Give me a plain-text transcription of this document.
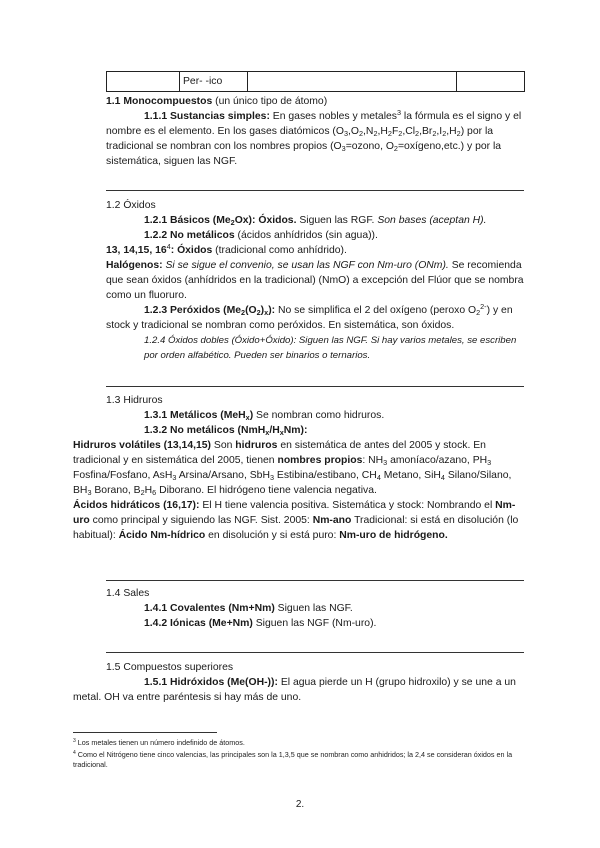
Per- -ico
1.1 Monocompuestos (un único tipo de átomo)
1.1.1 Sustancias simples: En gases nobles y metales$^3$ la fórmula es el signo y el nombre es el elemento. En los gases diatómicos $(O_3,O_2,N_2,H_2F_2,Cl_2,Br_2,I_2,H_2)$ por la tradicional se nombran con los nombres propios ($O_3=ozono$, $O_2=oxígeno,etc$.) y por la sistemática, siguen las NGF.
1.2 Óxidos
1.2.1 Básicos $(Me_2Ox)$: Óxidos. Siguen las RGF. Son bases (aceptan H).
1.2.2 No metálicos (ácidos anhídridos (sin agua)).
13, 14,15, $16^4$: Óxidos (tradicional como anhídrido).
Halógenos: Si se sigue el convenio, se usan las NGF con Nm-uro (ONm). Se recomienda que sean óxidos (anhídridos en la tradicional) (NmO) a excepción del Flúor que se nombra como un fluoruro.
1.2.3 Peróxidos $(Me_2(O_2)_x)$: No se simplifica el 2 del oxígeno (peroxo $O_2^{2-}$) y en stock y tradicional se nombran como peróxidos. En sistemática, son óxidos.
1.2.4 Óxidos dobles (Óxido+Óxido): Siguen las NGF. Si hay varios metales, se escriben por orden alfabético. Pueden ser binarios o ternarios.
1.3 Hidruros
1.3.1 Metálicos (MeH$_x$) Se nombran como hidruros.
1.3.2 No metálicos $(NmH_x/H_xNm)$:
Hidruros volátiles (13,14,15) Son hidruros en sistemática de antes del 2005 y stock. En tradicional y en sistemática del 2005, tienen nombres propios: $NH_3$ amoníaco/azano, $PH_3$ Fosfina/Fosfano, AsH$_3$ Arsina/Arsano, SbH$_3$ Estibina/estibano, $CH_4$ Metano, SiH$_4$ Silano/Silano, $BH_3$ Borano, $B_2H_6$ Diborano. El hidrógeno tiene valencia negativa.
Ácidos hidráticos (16,17): El H tiene valencia positiva. Sistemática y stock: Nombrando el Nm-uro como principal y siguiendo las NGF. Sist. 2005: Nm-ano Tradicional: si está en disolución (lo habitual): Ácido Nm-hídrico en disolución y si está puro: Nm-uro de hidrógeno.
1.4 Sales
1.4.1 Covalentes (Nm+Nm) Siguen las NGF.
1.4.2 Iónicas (Me+Nm) Siguen las NGF (Nm-uro).
1.5 Compuestos superiores
1.5.1 Hidróxidos (Me(OH-)): El agua pierde un H (grupo hidroxilo) y se une a un metal. OH va entre paréntesis si hay más de uno.
$^3$ Los metales tienen un número indefinido de átomos.
$^4$ Como el Nitrógeno tiene cinco valencias, las principales son la 1,3,5 que se nombran como anhidridos; la 2,4 se consideran óxidos en la tradicional.
2.
